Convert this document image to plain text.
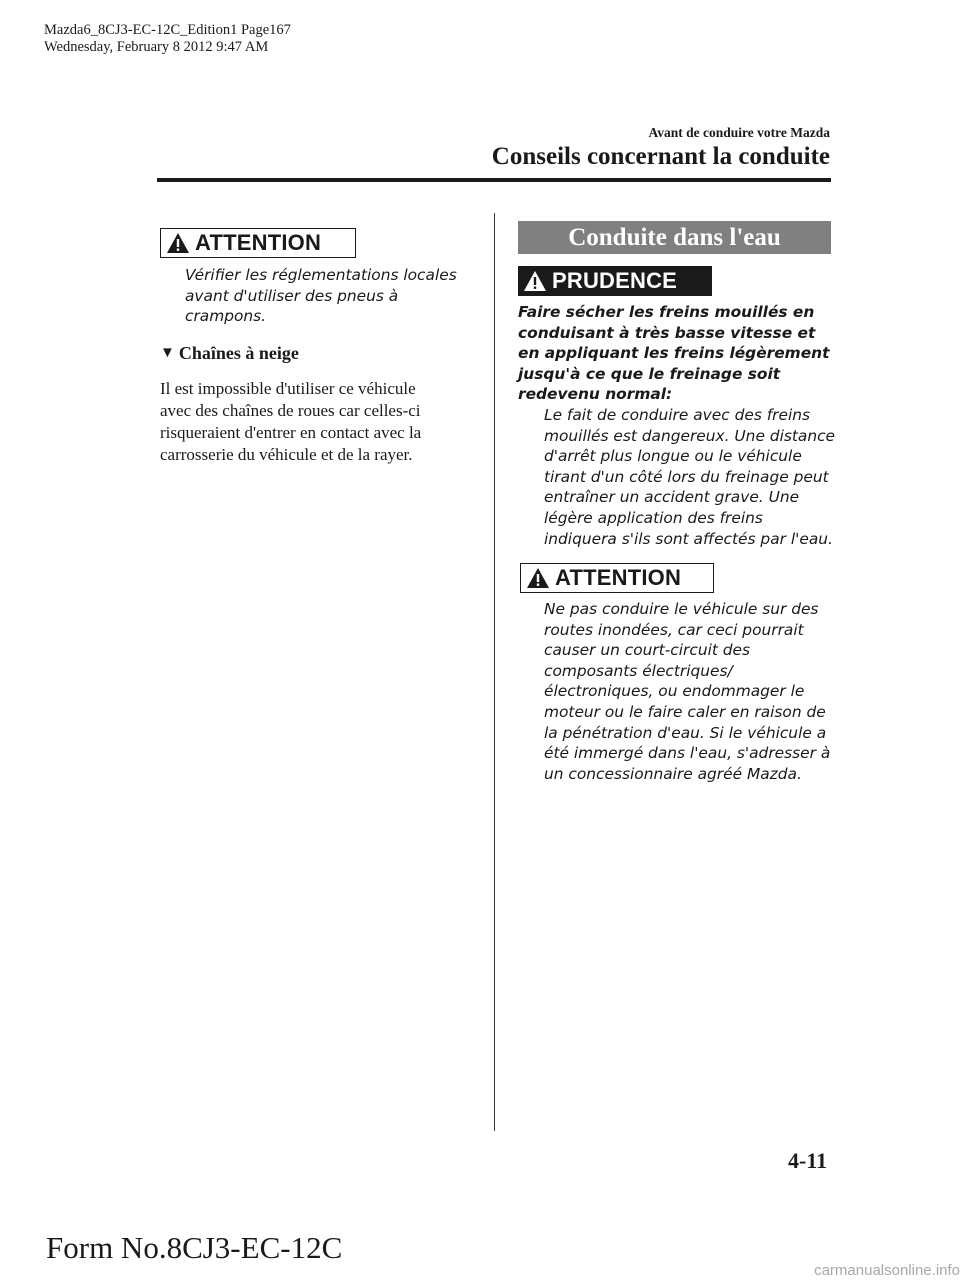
Mazda6_8CJ3-EC-12C_Edition1 Page167
Wednesday, February 8 2012 9:47 AM
Avant de conduire votre Mazda
Conseils concernant la conduite
ATTENTION
Vérifier les réglementations locales avant d'utiliser des pneus à crampons.
▼ Chaînes à neige
Il est impossible d'utiliser ce véhicule avec des chaînes de roues car celles-ci risqueraient d'entrer en contact avec la carrosserie du véhicule et de la rayer.
Conduite dans l'eau
PRUDENCE
Faire sécher les freins mouillés en conduisant à très basse vitesse et en appliquant les freins légèrement jusqu'à ce que le freinage soit redevenu normal:
Le fait de conduire avec des freins mouillés est dangereux. Une distance d'arrêt plus longue ou le véhicule tirant d'un côté lors du freinage peut entraîner un accident grave. Une légère application des freins indiquera s'ils sont affectés par l'eau.
ATTENTION
Ne pas conduire le véhicule sur des routes inondées, car ceci pourrait causer un court-circuit des composants électriques/ électroniques, ou endommager le moteur ou le faire caler en raison de la pénétration d'eau. Si le véhicule a été immergé dans l'eau, s'adresser à un concessionnaire agréé Mazda.
4-11
Form No.8CJ3-EC-12C
carmanualsonline.info
